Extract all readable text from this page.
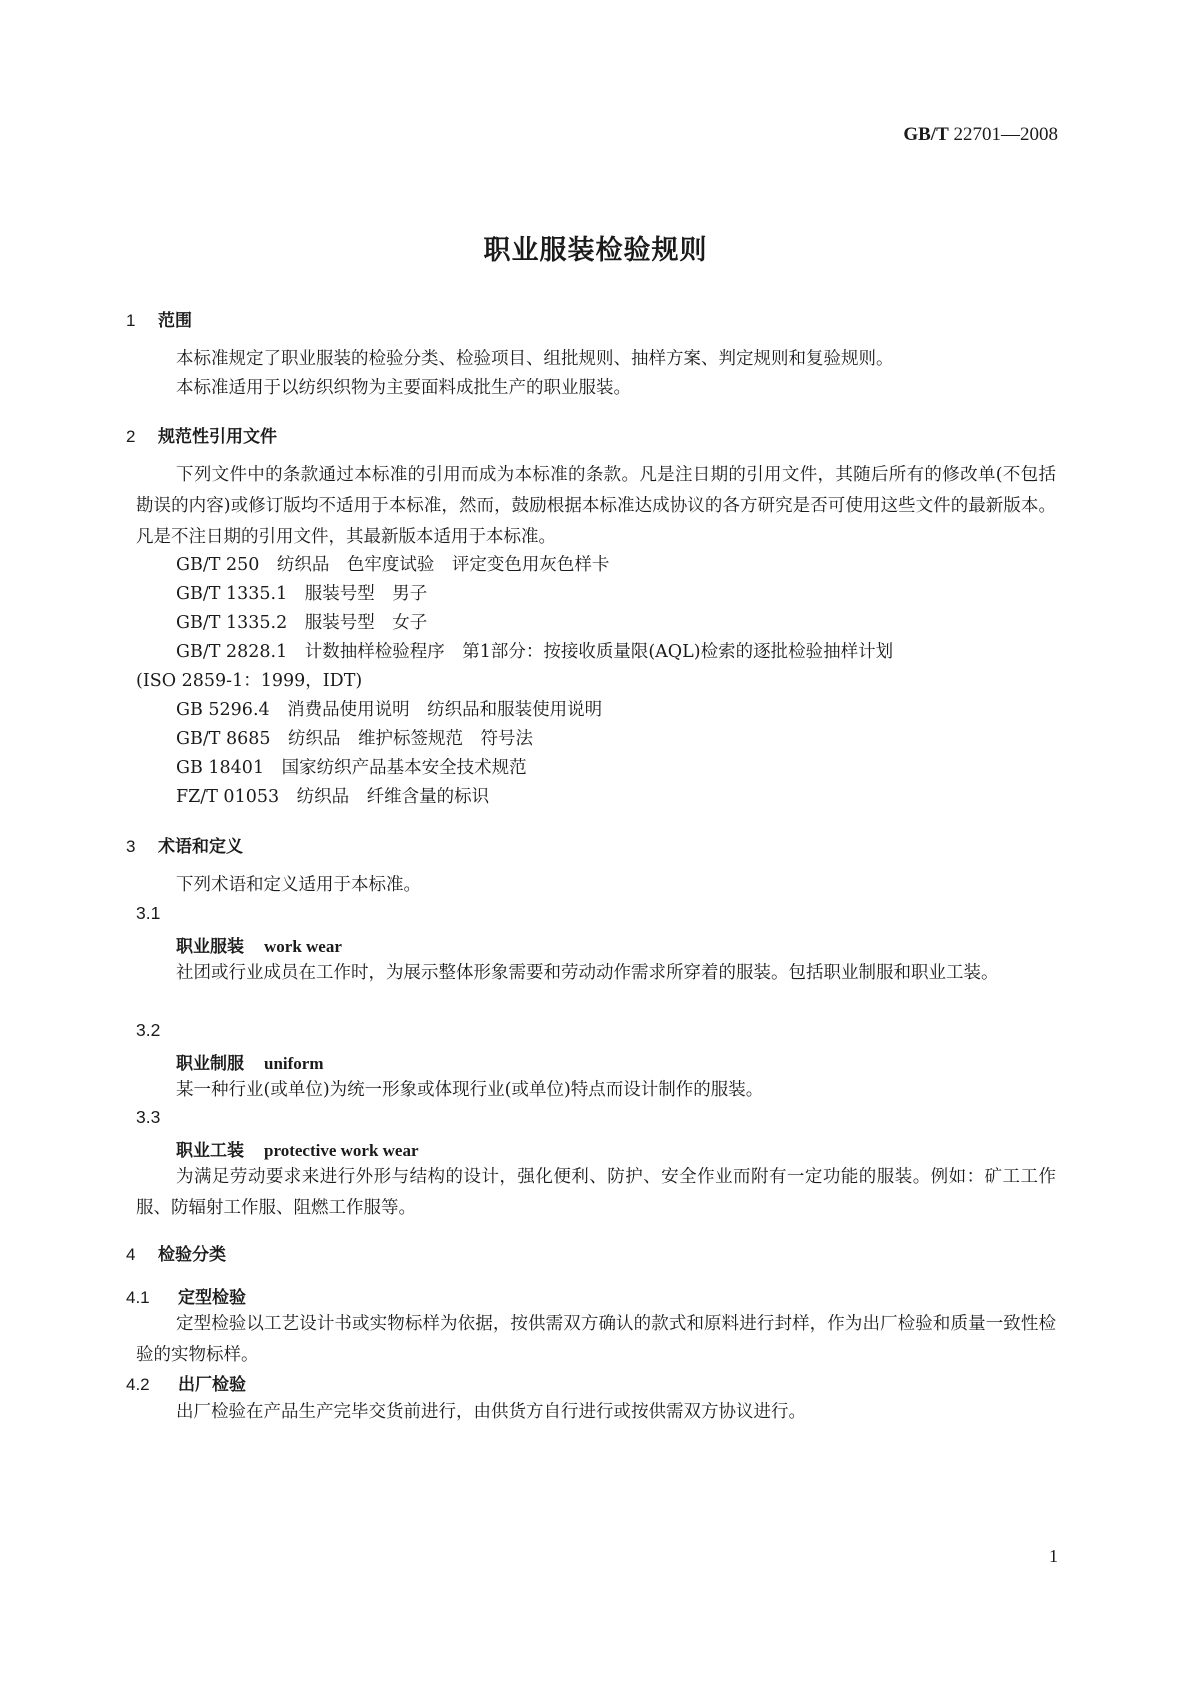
GB/T 22701—2008
职业服装检验规则
1 范围
本标准规定了职业服装的检验分类、检验项目、组批规则、抽样方案、判定规则和复验规则。
本标准适用于以纺织织物为主要面料成批生产的职业服装。
2 规范性引用文件
下列文件中的条款通过本标准的引用而成为本标准的条款。凡是注日期的引用文件，其随后所有的修改单(不包括勘误的内容)或修订版均不适用于本标准，然而，鼓励根据本标准达成协议的各方研究是否可使用这些文件的最新版本。凡是不注日期的引用文件，其最新版本适用于本标准。
GB/T 250　纺织品　色牢度试验　评定变色用灰色样卡
GB/T 1335.1　服装号型　男子
GB/T 1335.2　服装号型　女子
GB/T 2828.1　计数抽样检验程序　第1部分：按接收质量限(AQL)检索的逐批检验抽样计划
(ISO 2859-1：1999，IDT)
GB 5296.4　消费品使用说明　纺织品和服装使用说明
GB/T 8685　纺织品　维护标签规范　符号法
GB 18401　国家纺织产品基本安全技术规范
FZ/T 01053　纺织品　纤维含量的标识
3 术语和定义
下列术语和定义适用于本标准。
3.1
职业服装 work wear
社团或行业成员在工作时，为展示整体形象需要和劳动动作需求所穿着的服装。包括职业制服和职业工装。
3.2
职业制服 uniform
某一种行业(或单位)为统一形象或体现行业(或单位)特点而设计制作的服装。
3.3
职业工装 protective work wear
为满足劳动要求来进行外形与结构的设计，强化便利、防护、安全作业而附有一定功能的服装。例如：矿工工作服、防辐射工作服、阻燃工作服等。
4 检验分类
4.1 定型检验
定型检验以工艺设计书或实物标样为依据，按供需双方确认的款式和原料进行封样，作为出厂检验和质量一致性检验的实物标样。
4.2 出厂检验
出厂检验在产品生产完毕交货前进行，由供货方自行进行或按供需双方协议进行。
1
